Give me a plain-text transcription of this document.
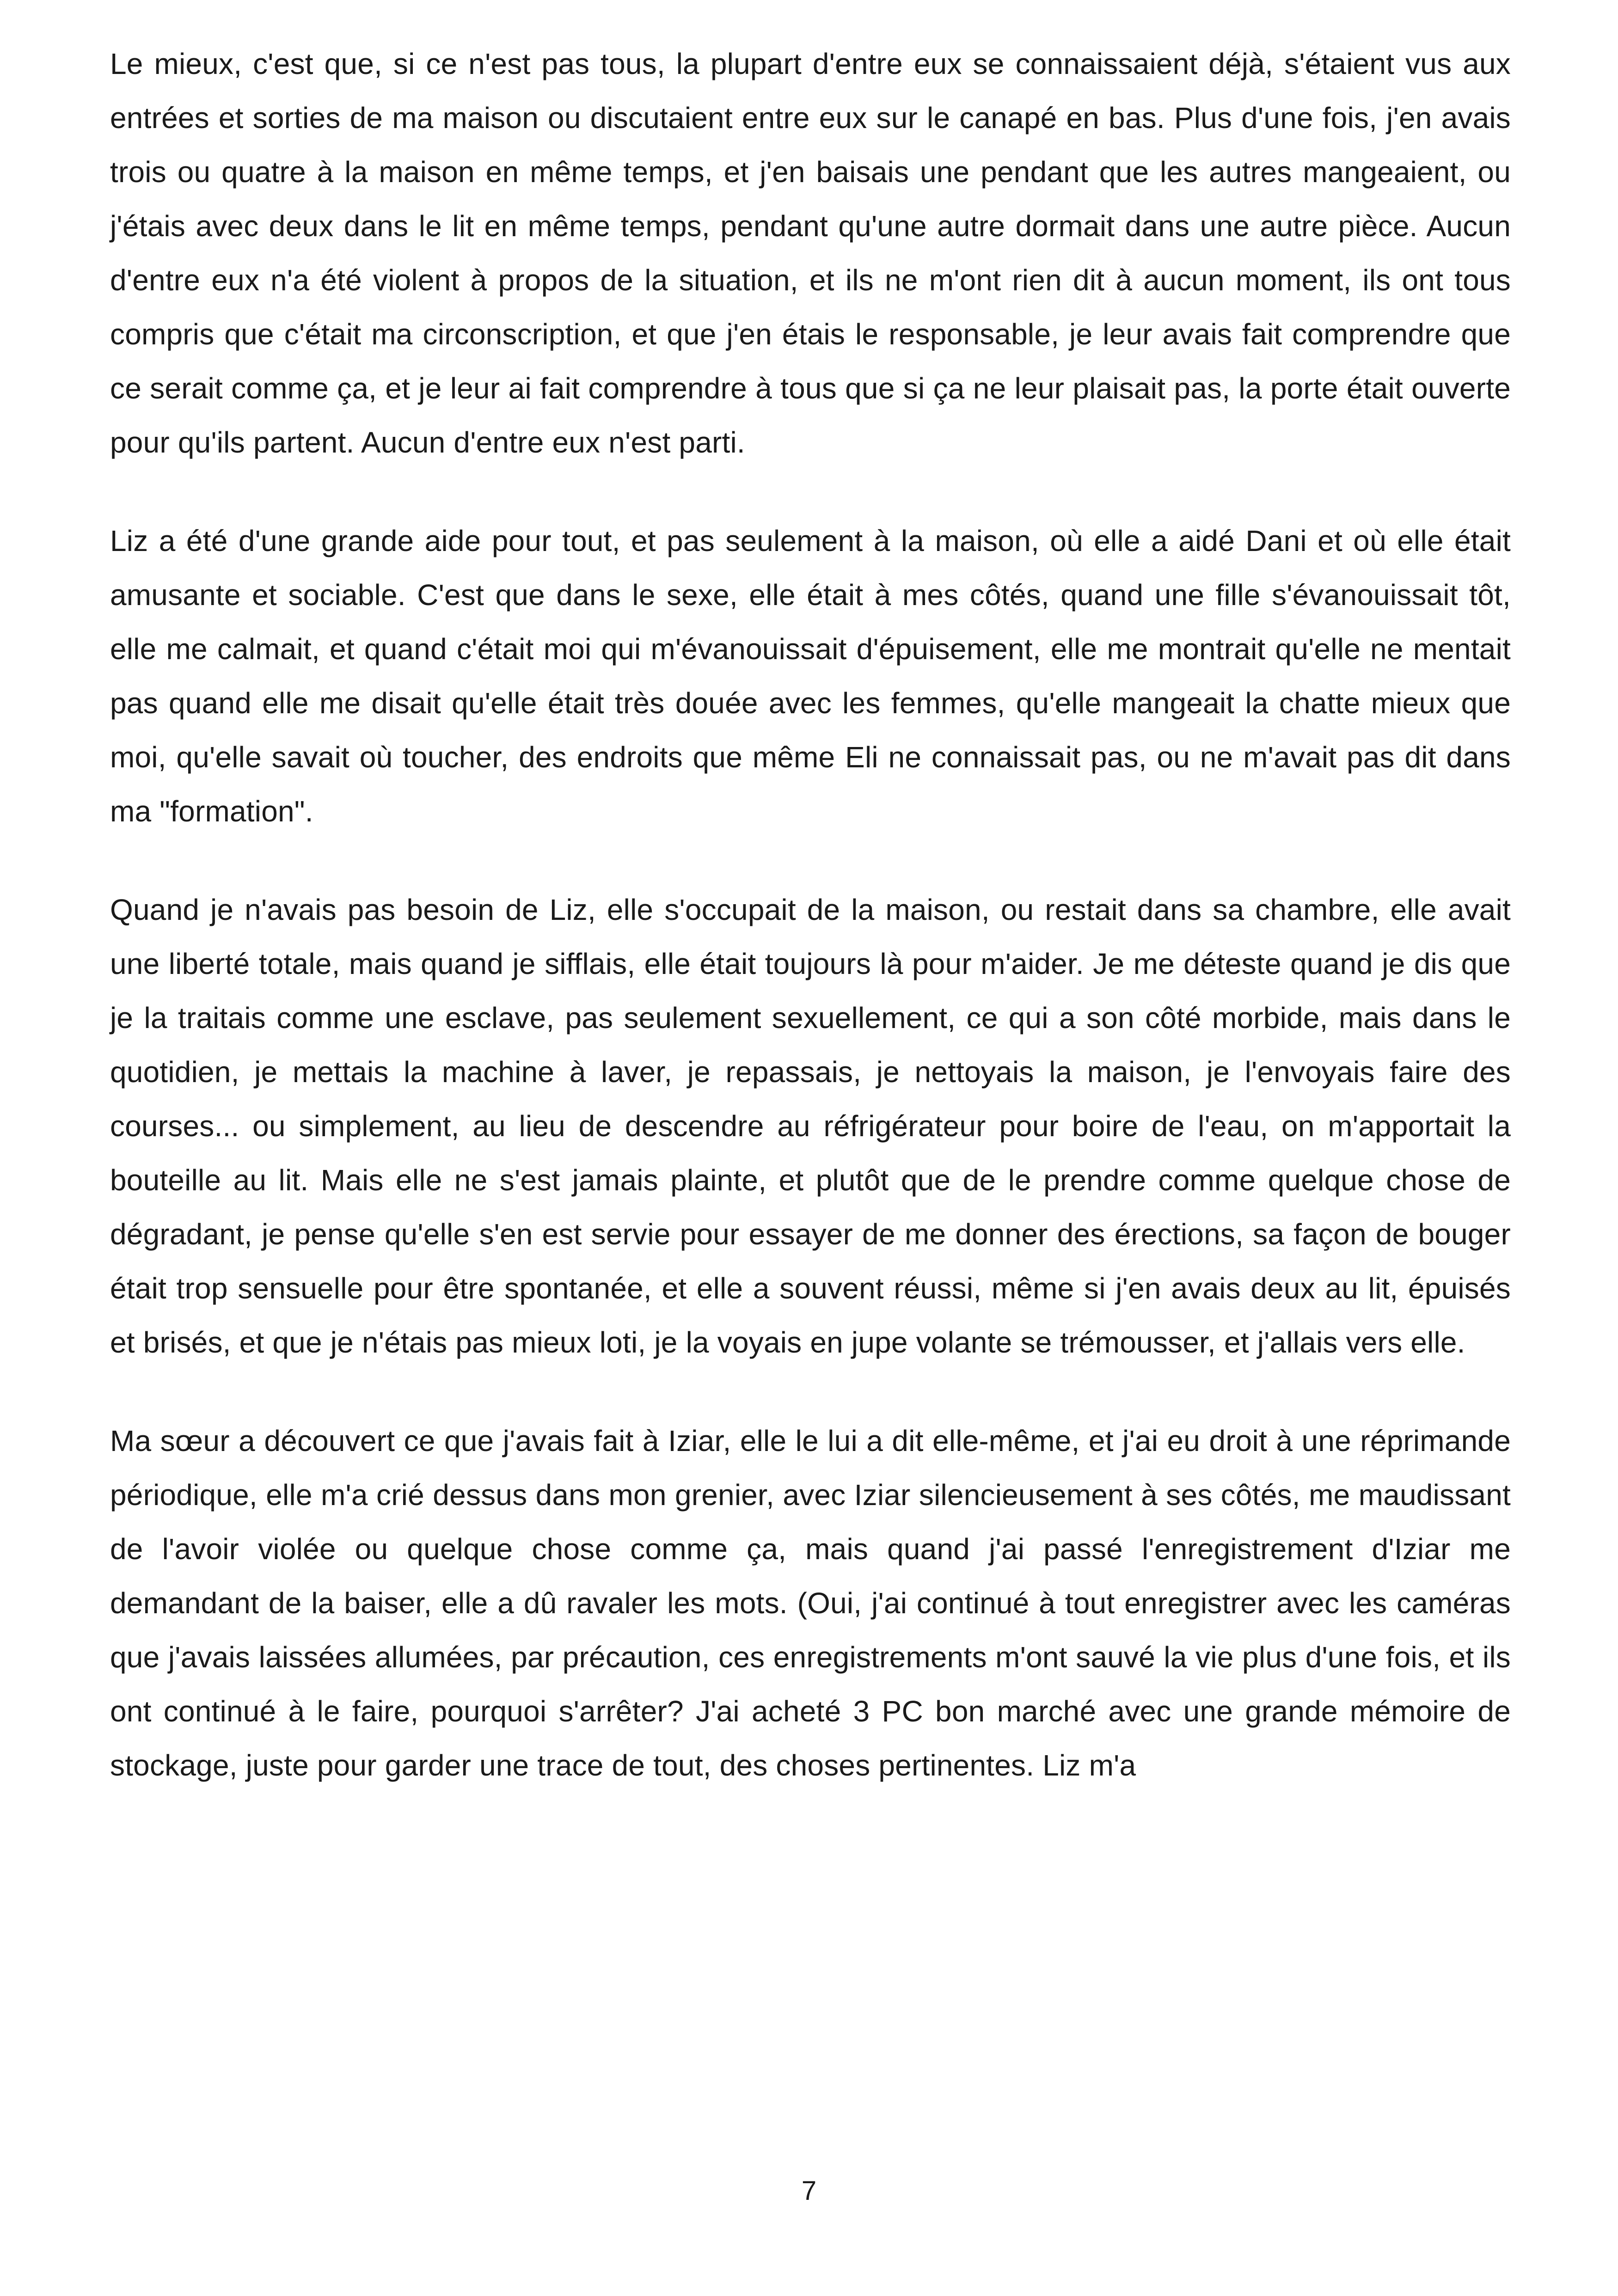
Le mieux, c'est que, si ce n'est pas tous, la plupart d'entre eux se connaissaient déjà, s'étaient vus aux entrées et sorties de ma maison ou discutaient entre eux sur le canapé en bas. Plus d'une fois, j'en avais trois ou quatre à la maison en même temps, et j'en baisais une pendant que les autres mangeaient, ou j'étais avec deux dans le lit en même temps, pendant qu'une autre dormait dans une autre pièce. Aucun d'entre eux n'a été violent à propos de la situation, et ils ne m'ont rien dit à aucun moment, ils ont tous compris que c'était ma circonscription, et que j'en étais le responsable, je leur avais fait comprendre que ce serait comme ça, et je leur ai fait comprendre à tous que si ça ne leur plaisait pas, la porte était ouverte pour qu'ils partent. Aucun d'entre eux n'est parti.

Liz a été d'une grande aide pour tout, et pas seulement à la maison, où elle a aidé Dani et où elle était amusante et sociable. C'est que dans le sexe, elle était à mes côtés, quand une fille s'évanouissait tôt, elle me calmait, et quand c'était moi qui m'évanouissait d'épuisement, elle me montrait qu'elle ne mentait pas quand elle me disait qu'elle était très douée avec les femmes, qu'elle mangeait la chatte mieux que moi, qu'elle savait où toucher, des endroits que même Eli ne connaissait pas, ou ne m'avait pas dit dans ma "formation".

Quand je n'avais pas besoin de Liz, elle s'occupait de la maison, ou restait dans sa chambre, elle avait une liberté totale, mais quand je sifflais, elle était toujours là pour m'aider. Je me déteste quand je dis que je la traitais comme une esclave, pas seulement sexuellement, ce qui a son côté morbide, mais dans le quotidien, je mettais la machine à laver, je repassais, je nettoyais la maison, je l'envoyais faire des courses... ou simplement, au lieu de descendre au réfrigérateur pour boire de l'eau, on m'apportait la bouteille au lit. Mais elle ne s'est jamais plainte, et plutôt que de le prendre comme quelque chose de dégradant, je pense qu'elle s'en est servie pour essayer de me donner des érections, sa façon de bouger était trop sensuelle pour être spontanée, et elle a souvent réussi, même si j'en avais deux au lit, épuisés et brisés, et que je n'étais pas mieux loti, je la voyais en jupe volante se trémousser, et j'allais vers elle.

Ma sœur a découvert ce que j'avais fait à Iziar, elle le lui a dit elle-même, et j'ai eu droit à une réprimande périodique, elle m'a crié dessus dans mon grenier, avec Iziar silencieusement à ses côtés, me maudissant de l'avoir violée ou quelque chose comme ça, mais quand j'ai passé l'enregistrement d'Iziar me demandant de la baiser, elle a dû ravaler les mots. (Oui, j'ai continué à tout enregistrer avec les caméras que j'avais laissées allumées, par précaution, ces enregistrements m'ont sauvé la vie plus d'une fois, et ils ont continué à le faire, pourquoi s'arrêter? J'ai acheté 3 PC bon marché avec une grande mémoire de stockage, juste pour garder une trace de tout, des choses pertinentes. Liz m'a

7
